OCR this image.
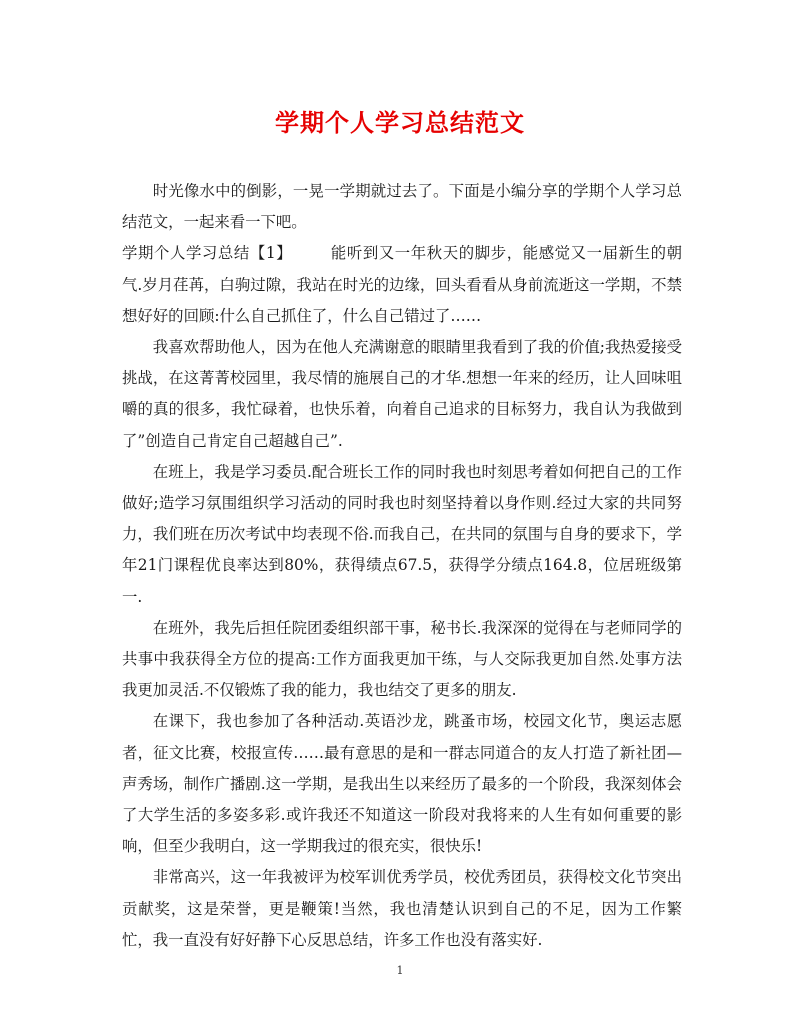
学期个人学习总结范文

时光像水中的倒影，一晃一学期就过去了。下面是小编分享的学期个人学习总结范文，一起来看一下吧。

学期个人学习总结【1】 能听到又一年秋天的脚步，能感觉又一届新生的朝气.岁月荏苒，白驹过隙，我站在时光的边缘，回头看看从身前流逝这一学期，不禁想好好的回顾:什么自己抓住了，什么自己错过了……

我喜欢帮助他人，因为在他人充满谢意的眼睛里我看到了我的价值;我热爱接受挑战，在这菁菁校园里，我尽情的施展自己的才华.想想一年来的经历，让人回味咀嚼的真的很多，我忙碌着，也快乐着，向着自己追求的目标努力，我自认为我做到了”创造自己肯定自己超越自己”.

在班上，我是学习委员.配合班长工作的同时我也时刻思考着如何把自己的工作做好;造学习氛围组织学习活动的同时我也时刻坚持着以身作则.经过大家的共同努力，我们班在历次考试中均表现不俗.而我自己，在共同的氛围与自身的要求下，学年21门课程优良率达到80%，获得绩点67.5，获得学分绩点164.8，位居班级第一.

在班外，我先后担任院团委组织部干事，秘书长.我深深的觉得在与老师同学的共事中我获得全方位的提高:工作方面我更加干练，与人交际我更加自然.处事方法我更加灵活.不仅锻炼了我的能力，我也结交了更多的朋友.

在课下，我也参加了各种活动.英语沙龙，跳蚤市场，校园文化节，奥运志愿者，征文比赛，校报宣传……最有意思的是和一群志同道合的友人打造了新社团—声秀场，制作广播剧.这一学期，是我出生以来经历了最多的一个阶段，我深刻体会了大学生活的多姿多彩.或许我还不知道这一阶段对我将来的人生有如何重要的影响，但至少我明白，这一学期我过的很充实，很快乐!

非常高兴，这一年我被评为校军训优秀学员，校优秀团员，获得校文化节突出贡献奖，这是荣誉，更是鞭策!当然，我也清楚认识到自己的不足，因为工作繁忙，我一直没有好好静下心反思总结，许多工作也没有落实好.

1
